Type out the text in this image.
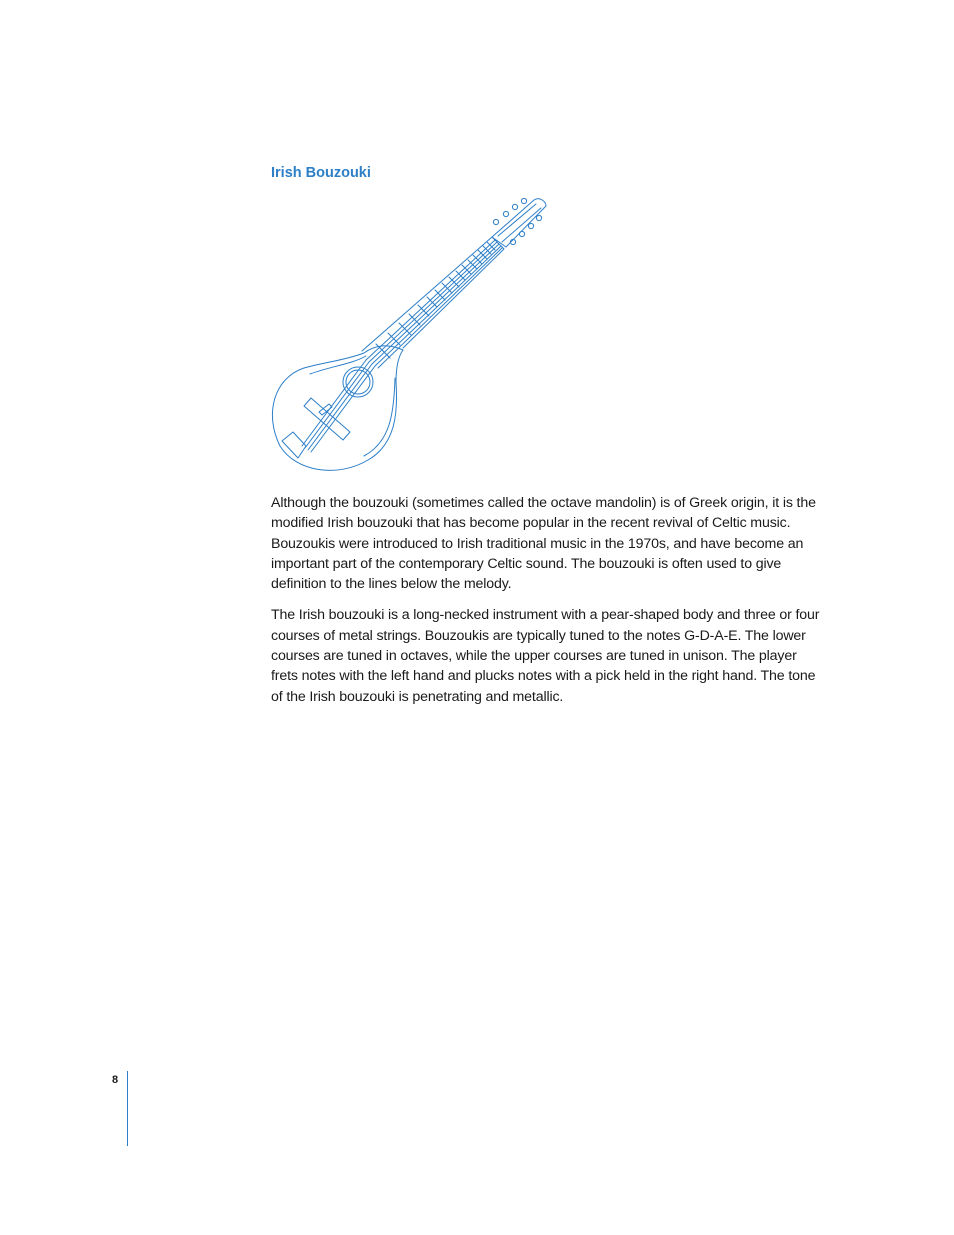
Irish Bouzouki

Although the bouzouki (sometimes called the octave mandolin) is of Greek origin, it is the modified Irish bouzouki that has become popular in the recent revival of Celtic music. Bouzoukis were introduced to Irish traditional music in the 1970s, and have become an important part of the contemporary Celtic sound. The bouzouki is often used to give definition to the lines below the melody.

The Irish bouzouki is a long-necked instrument with a pear-shaped body and three or four courses of metal strings. Bouzoukis are typically tuned to the notes G-D-A-E. The lower courses are tuned in octaves, while the upper courses are tuned in unison. The player frets notes with the left hand and plucks notes with a pick held in the right hand. The tone of the Irish bouzouki is penetrating and metallic.

8
